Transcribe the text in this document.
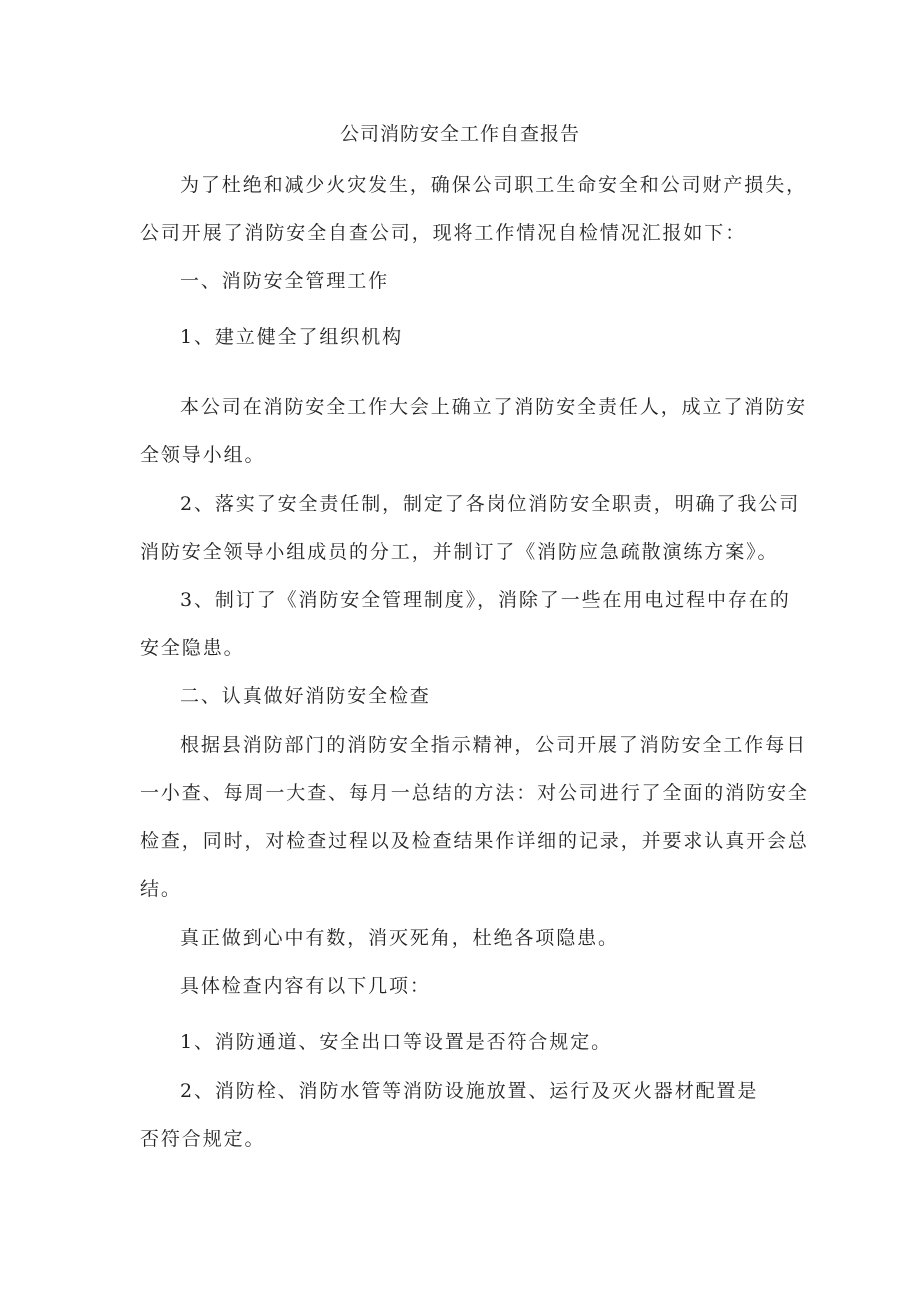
公司消防安全工作自查报告
为了杜绝和减少火灾发生，确保公司职工生命安全和公司财产损失，
公司开展了消防安全自查公司，现将工作情况自检情况汇报如下：
一、消防安全管理工作
1、建立健全了组织机构
本公司在消防安全工作大会上确立了消防安全责任人，成立了消防安
全领导小组。
2、落实了安全责任制，制定了各岗位消防安全职责，明确了我公司
消防安全领导小组成员的分工，并制订了《消防应急疏散演练方案》。
3、制订了《消防安全管理制度》，消除了一些在用电过程中存在的
安全隐患。
二、认真做好消防安全检查
根据县消防部门的消防安全指示精神，公司开展了消防安全工作每日
一小查、每周一大查、每月一总结的方法：对公司进行了全面的消防安全
检查，同时，对检查过程以及检查结果作详细的记录，并要求认真开会总
结。
真正做到心中有数，消灭死角，杜绝各项隐患。
具体检查内容有以下几项：
1、消防通道、安全出口等设置是否符合规定。
2、消防栓、消防水管等消防设施放置、运行及灭火器材配置是
否符合规定。
